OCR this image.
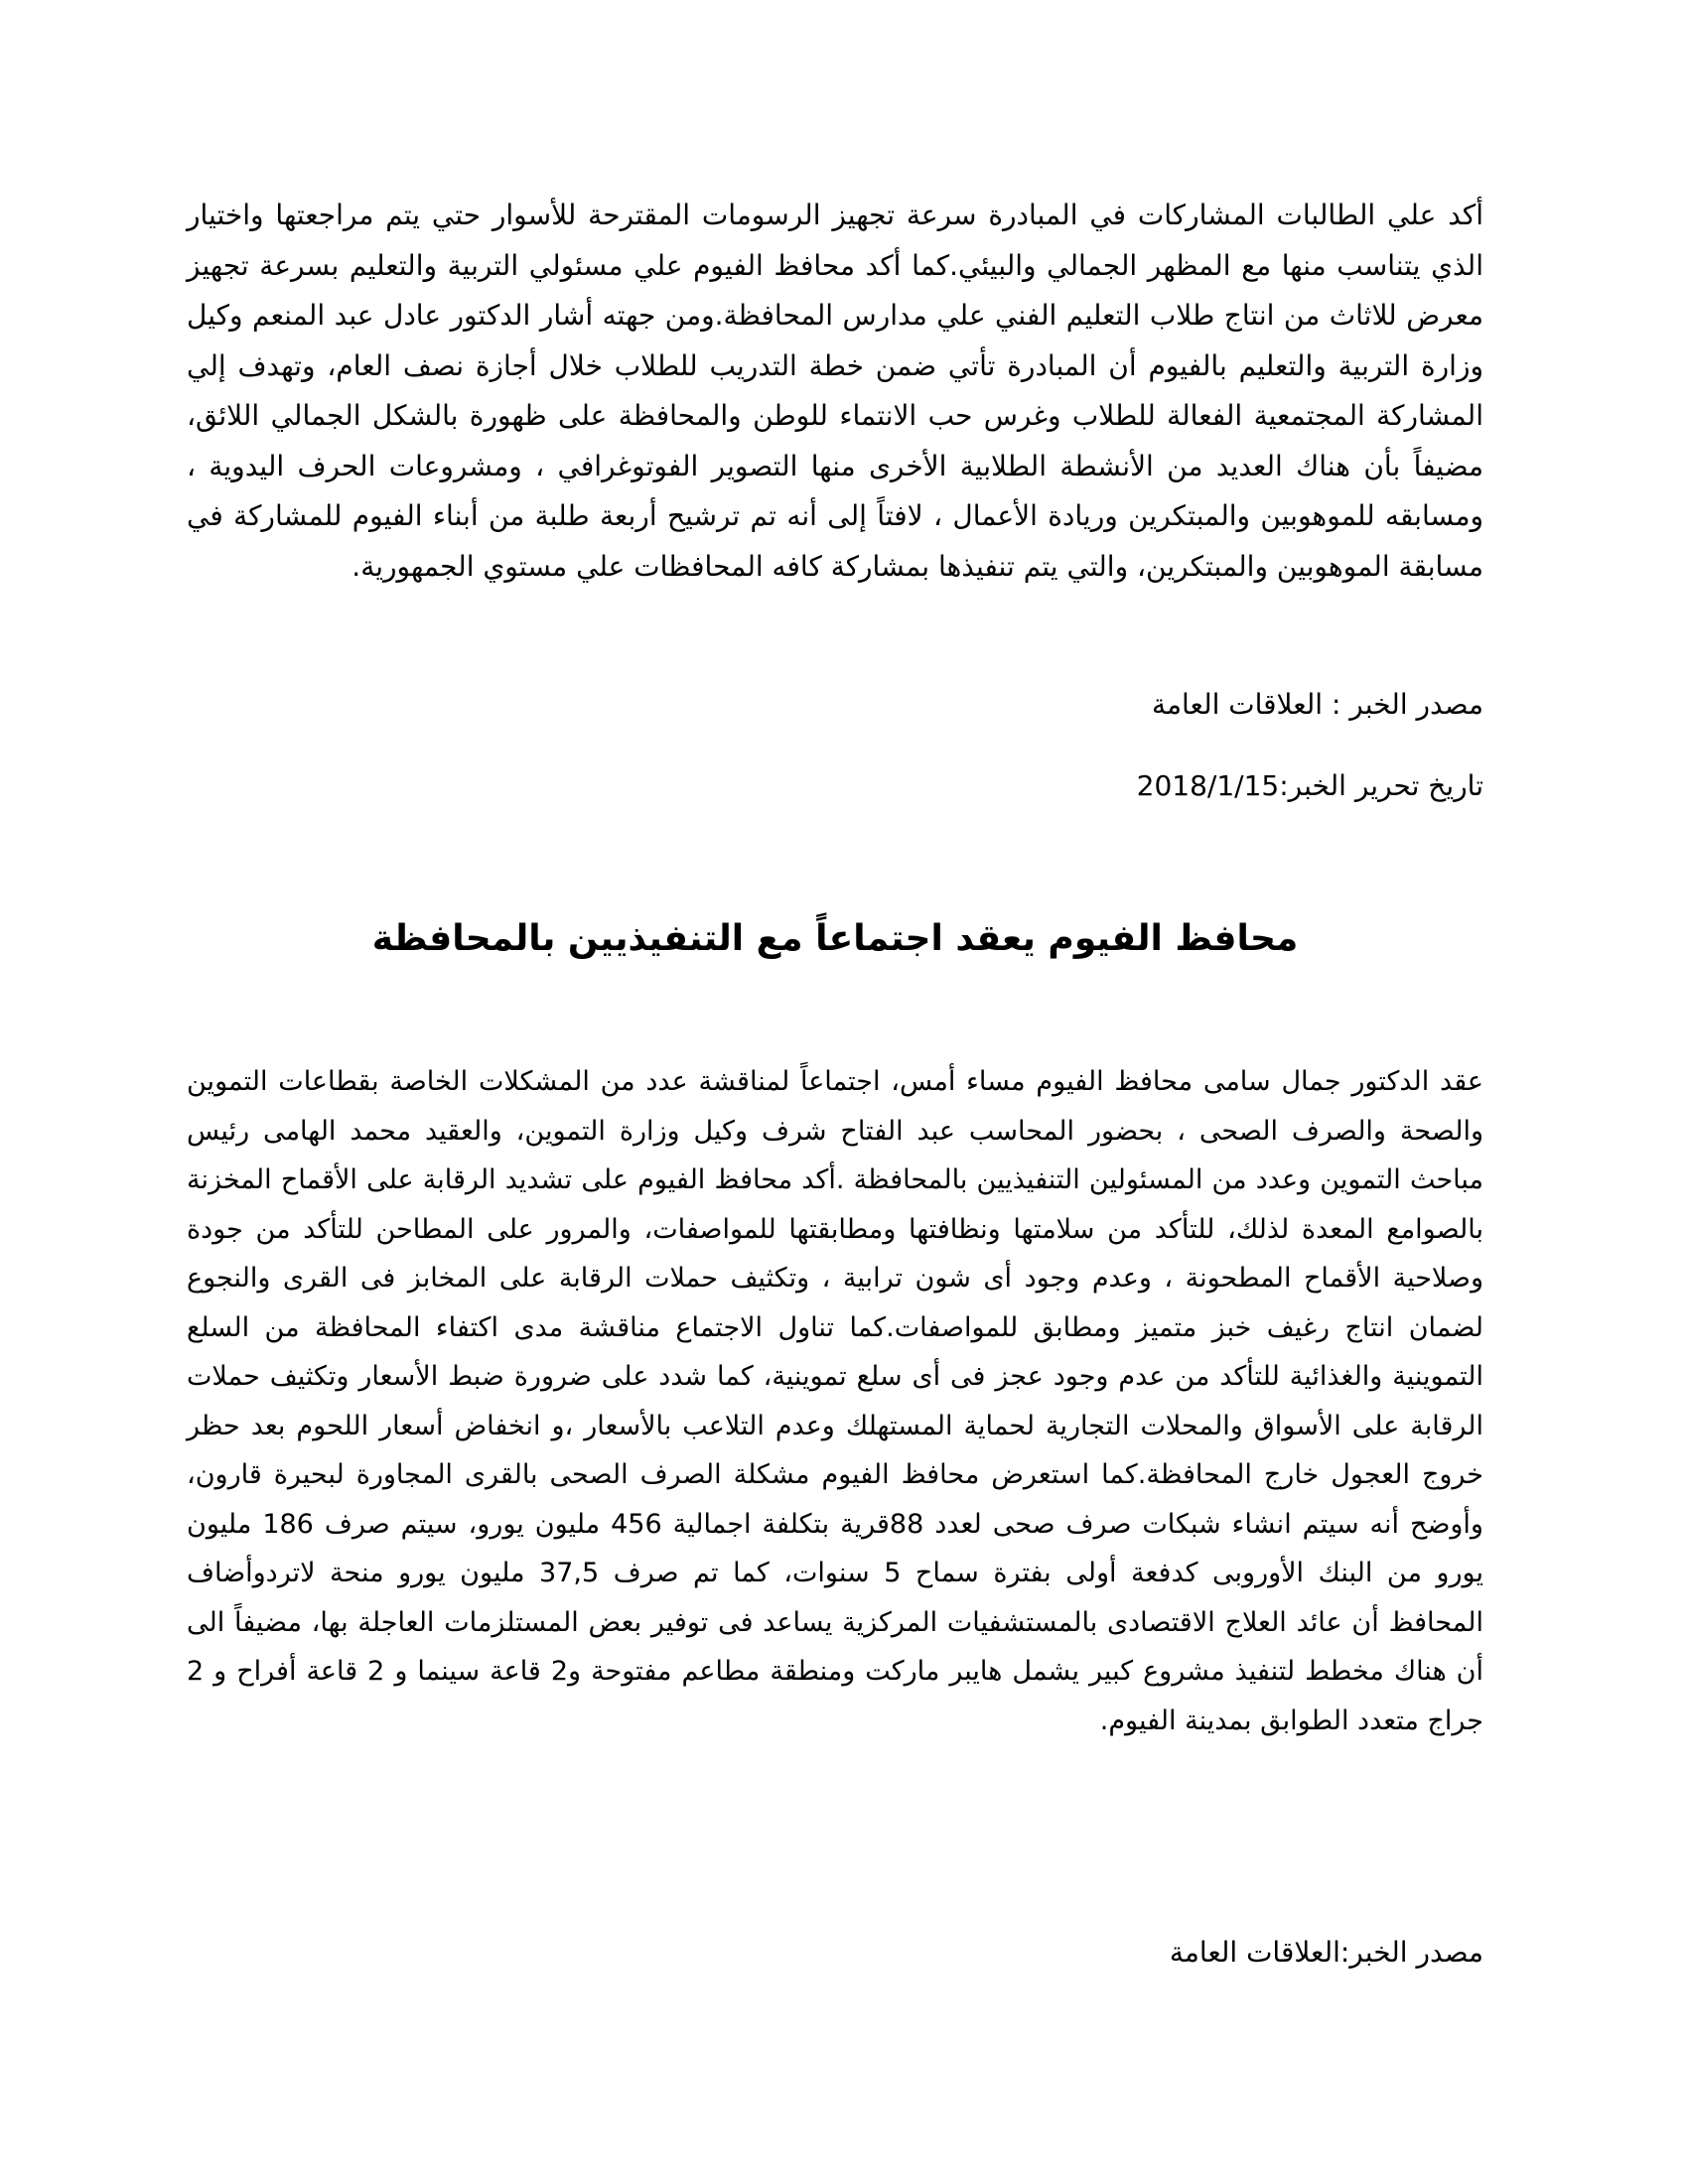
أكد علي الطالبات المشاركات في المبادرة سرعة تجهيز الرسومات المقترحة للأسوار حتي يتم مراجعتها واختيار الذي يتناسب منها مع المظهر الجمالي والبيئي.كما أكد محافظ الفيوم علي مسئولي التربية والتعليم بسرعة تجهيز معرض للاثاث من انتاج طلاب التعليم الفني علي مدارس المحافظة.ومن جهته أشار الدكتور عادل عبد المنعم وكيل وزارة التربية والتعليم بالفيوم أن المبادرة تأتي ضمن خطة التدريب للطلاب خلال أجازة نصف العام، وتهدف إلي المشاركة المجتمعية الفعالة للطلاب وغرس حب الانتماء للوطن والمحافظة على ظهورة بالشكل الجمالي اللائق، مضيفاً بأن هناك العديد من الأنشطة الطلابية الأخرى منها التصوير الفوتوغرافي ، ومشروعات الحرف اليدوية ، ومسابقه للموهوبين والمبتكرين وريادة الأعمال ، لافتاً إلى أنه تم ترشيح أربعة طلبة من أبناء الفيوم للمشاركة في مسابقة الموهوبين والمبتكرين، والتي يتم تنفيذها بمشاركة كافه المحافظات علي مستوي الجمهورية.
مصدر الخبر : العلاقات العامة
تاريخ تحرير الخبر:2018/1/15
محافظ الفيوم يعقد اجتماعاً مع التنفيذيين بالمحافظة
عقد الدكتور جمال سامى محافظ الفيوم مساء أمس، اجتماعاً لمناقشة عدد من المشكلات الخاصة بقطاعات التموين والصحة والصرف الصحى ، بحضور المحاسب عبد الفتاح شرف وكيل وزارة التموين، والعقيد محمد الهامى رئيس مباحث التموين وعدد من المسئولين التنفيذيين بالمحافظة .أكد محافظ الفيوم على تشديد الرقابة على الأقماح المخزنة بالصوامع المعدة لذلك، للتأكد من سلامتها ونظافتها ومطابقتها للمواصفات، والمرور على المطاحن للتأكد من جودة وصلاحية الأقماح المطحونة ، وعدم وجود أى شون ترابية ، وتكثيف حملات الرقابة على المخابز فى القرى والنجوع لضمان انتاج رغيف خبز متميز ومطابق للمواصفات.كما تناول الاجتماع مناقشة مدى اكتفاء المحافظة من السلع التموينية والغذائية للتأكد من عدم وجود عجز فى أى سلع تموينية، كما شدد على ضرورة ضبط الأسعار وتكثيف حملات الرقابة على الأسواق والمحلات التجارية لحماية المستهلك وعدم التلاعب بالأسعار ،و انخفاض أسعار اللحوم بعد حظر خروج العجول خارج المحافظة.كما استعرض محافظ الفيوم مشكلة الصرف الصحى بالقرى المجاورة لبحيرة قارون، وأوضح أنه سيتم انشاء شبكات صرف صحى لعدد 88قرية بتكلفة اجمالية 456 مليون يورو، سيتم صرف 186 مليون يورو من البنك الأوروبى كدفعة أولى بفترة سماح 5 سنوات، كما تم صرف 37,5 مليون يورو منحة لاتردوأضاف المحافظ أن عائد العلاج الاقتصادى بالمستشفيات المركزية يساعد فى توفير بعض المستلزمات العاجلة بها، مضيفاً الى أن هناك مخطط لتنفيذ مشروع كبير يشمل هايبر ماركت ومنطقة مطاعم مفتوحة و2 قاعة سينما و 2 قاعة أفراح و 2 جراج متعدد الطوابق بمدينة الفيوم.
مصدر الخبر:العلاقات العامة
